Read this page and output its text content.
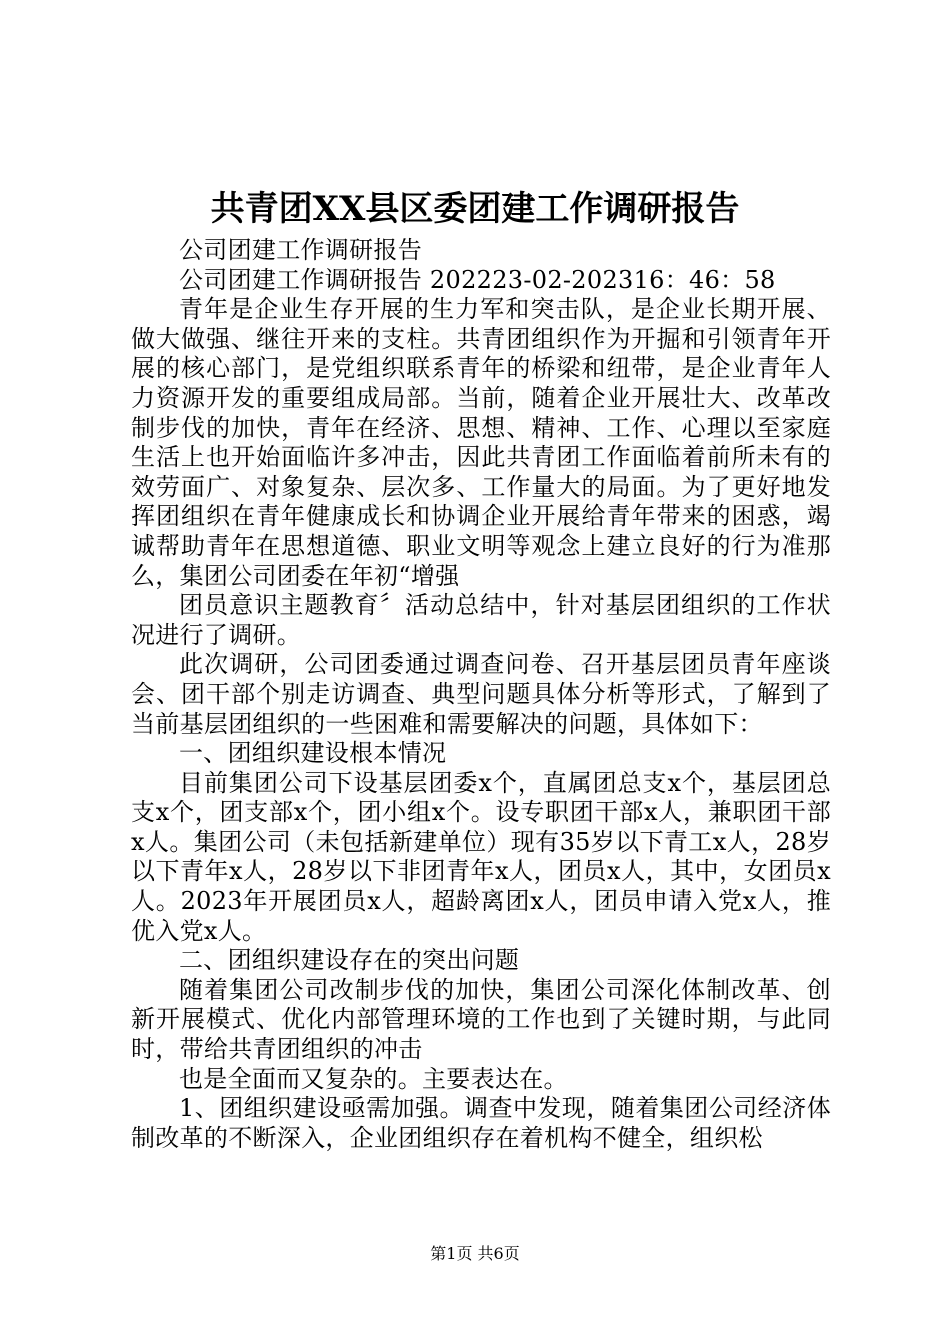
共青团XX县区委团建工作调研报告

公司团建工作调研报告

公司团建工作调研报告 202223-02-202316：46：58

青年是企业生存开展的生力军和突击队，是企业长期开展、做大做强、继往开来的支柱。共青团组织作为开掘和引领青年开展的核心部门，是党组织联系青年的桥梁和纽带，是企业青年人力资源开发的重要组成局部。当前，随着企业开展壮大、改革改制步伐的加快，青年在经济、思想、精神、工作、心理以至家庭生活上也开始面临许多冲击，因此共青团工作面临着前所未有的效劳面广、对象复杂、层次多、工作量大的局面。为了更好地发挥团组织在青年健康成长和协调企业开展给青年带来的困惑，竭诚帮助青年在思想道德、职业文明等观念上建立良好的行为准那么，集团公司团委在年初“增强

团员意识主题教育〞活动总结中，针对基层团组织的工作状况进行了调研。

此次调研，公司团委通过调查问卷、召开基层团员青年座谈会、团干部个别走访调查、典型问题具体分析等形式，了解到了当前基层团组织的一些困难和需要解决的问题，具体如下：

一、团组织建设根本情况

目前集团公司下设基层团委x个，直属团总支x个，基层团总支x个，团支部x个，团小组x个。设专职团干部x人，兼职团干部x人。集团公司（未包括新建单位）现有35岁以下青工x人，28岁以下青年x人，28岁以下非团青年x人，团员x人，其中，女团员x人。2023年开展团员x人，超龄离团x人，团员申请入党x人，推优入党x人。

二、团组织建设存在的突出问题

随着集团公司改制步伐的加快，集团公司深化体制改革、创新开展模式、优化内部管理环境的工作也到了关键时期，与此同时，带给共青团组织的冲击

也是全面而又复杂的。主要表达在。

1、团组织建设亟需加强。调查中发现，随着集团公司经济体制改革的不断深入，企业团组织存在着机构不健全，组织松

第1页 共6页
